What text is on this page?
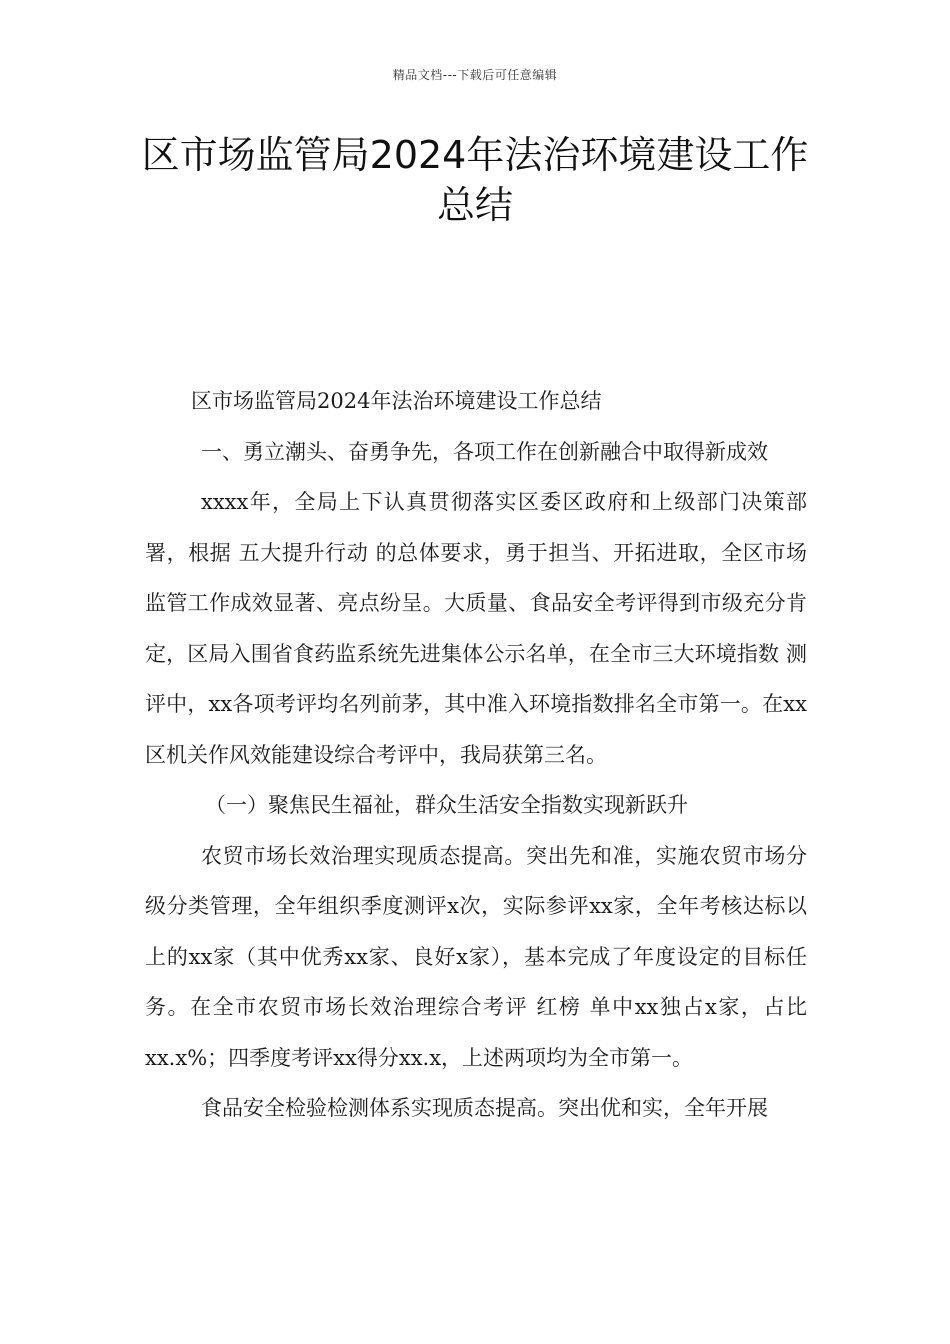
精品文档---下载后可任意编辑
区市场监管局2024年法治环境建设工作总结

区市场监管局2024年法治环境建设工作总结

一、勇立潮头、奋勇争先，各项工作在创新融合中取得新成效

xxxx年，全局上下认真贯彻落实区委区政府和上级部门决策部署，根据 五大提升行动 的总体要求，勇于担当、开拓进取，全区市场监管工作成效显著、亮点纷呈。大质量、食品安全考评得到市级充分肯定，区局入围省食药监系统先进集体公示名单，在全市三大环境指数 测评中，xx各项考评均名列前茅，其中准入环境指数排名全市第一。在xx区机关作风效能建设综合考评中，我局获第三名。

（一）聚焦民生福祉，群众生活安全指数实现新跃升

农贸市场长效治理实现质态提高。突出先和准，实施农贸市场分级分类管理，全年组织季度测评x次，实际参评xx家，全年考核达标以上的xx家（其中优秀xx家、良好x家），基本完成了年度设定的目标任务。在全市农贸市场长效治理综合考评 红榜 单中xx独占x家，占比xx.x%；四季度考评xx得分xx.x，上述两项均为全市第一。

食品安全检验检测体系实现质态提高。突出优和实，全年开展
